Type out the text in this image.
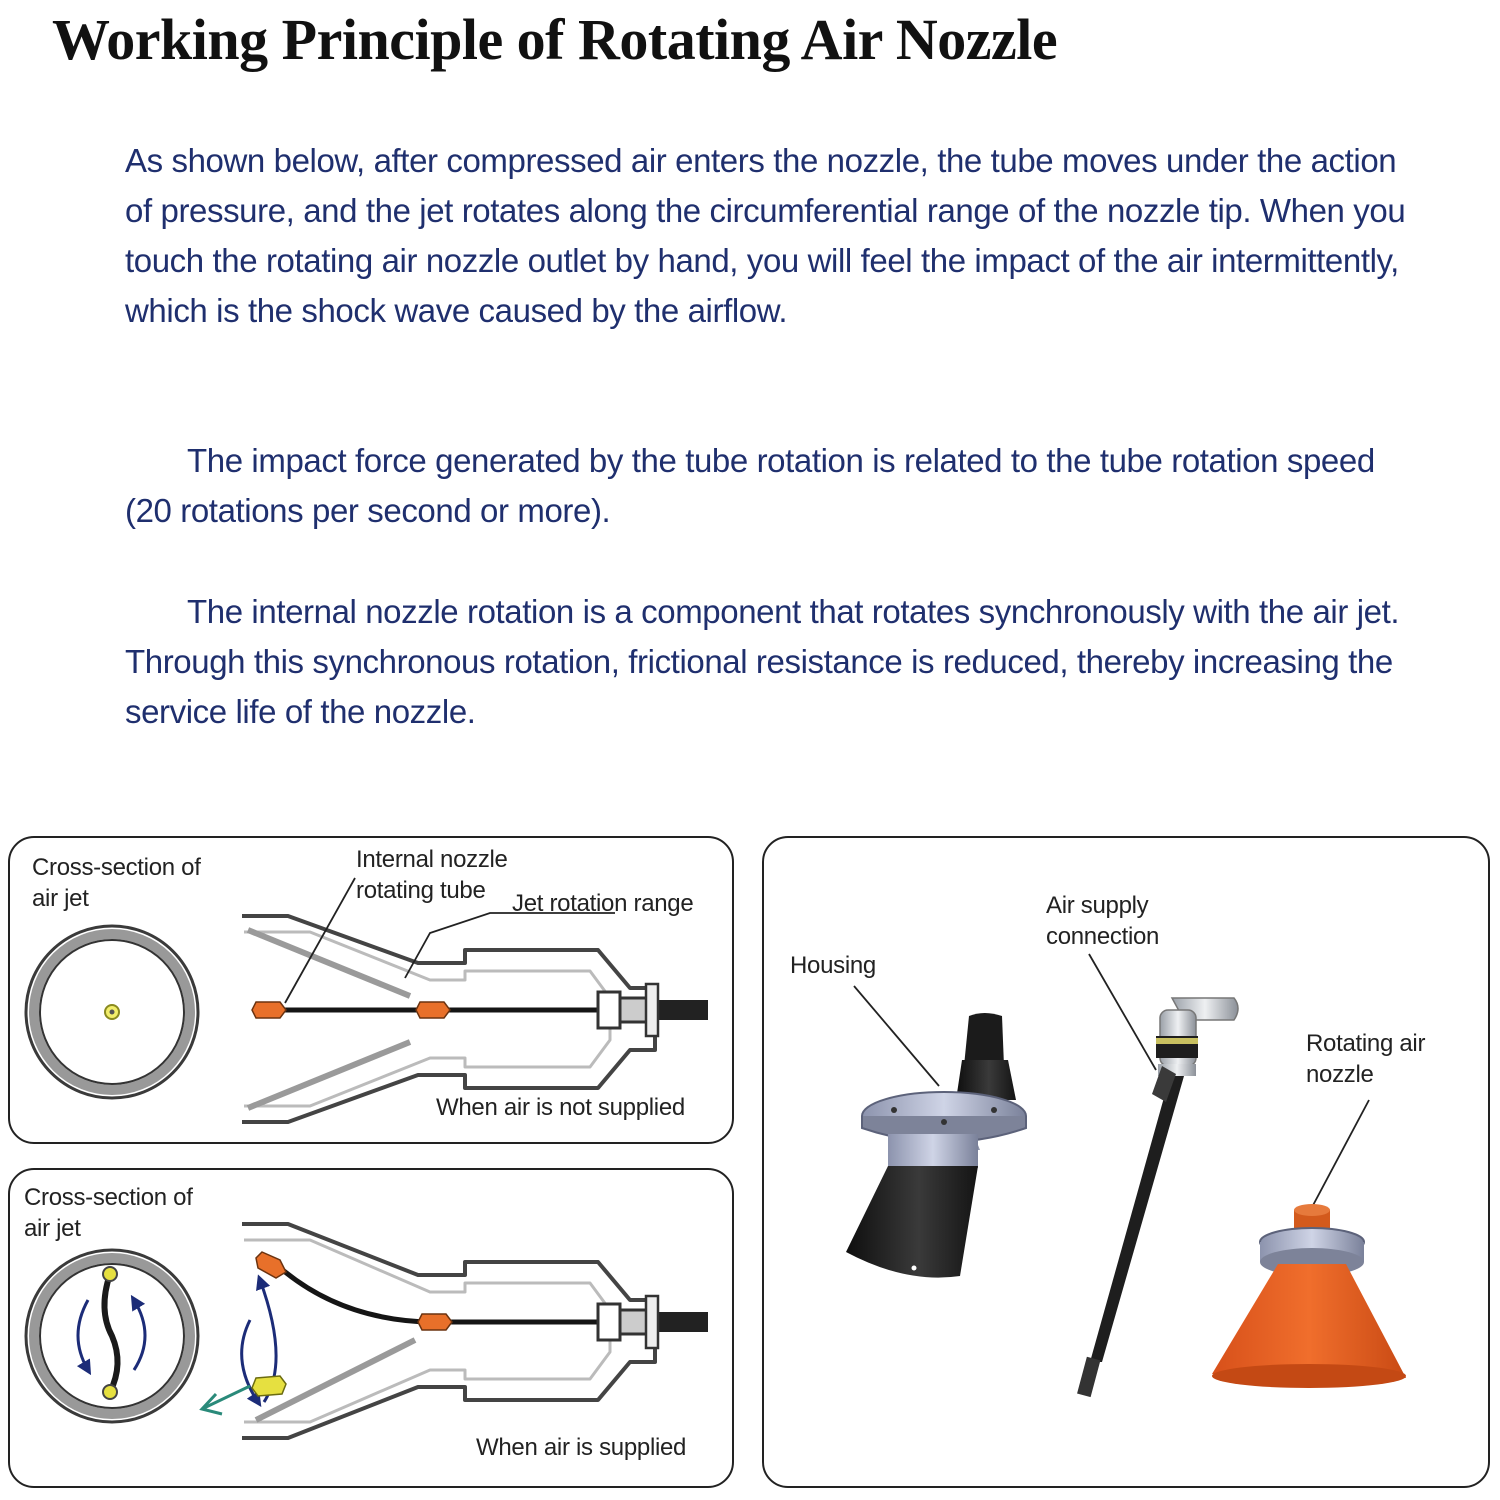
Working Principle of Rotating Air Nozzle

As shown below, after compressed air enters the nozzle, the tube moves under the action of pressure, and the jet rotates along the circumferential range of the nozzle tip. When you touch the rotating air nozzle outlet by hand, you will feel the impact of the air intermittently, which is the shock wave caused by the airflow.

The impact force generated by the tube rotation is related to the tube rotation speed (20 rotations per second or more).

The internal nozzle rotation is a component that rotates synchronously with the air jet. Through this synchronous rotation, frictional resistance is reduced, thereby increasing the service life of the nozzle.

Cross-section of
air jet
Internal nozzle
rotating tube	Jet rotation range
When air is not supplied
Cross-section of
air jet
When air is supplied
Housing
Air supply
connection
Rotating air
nozzle
